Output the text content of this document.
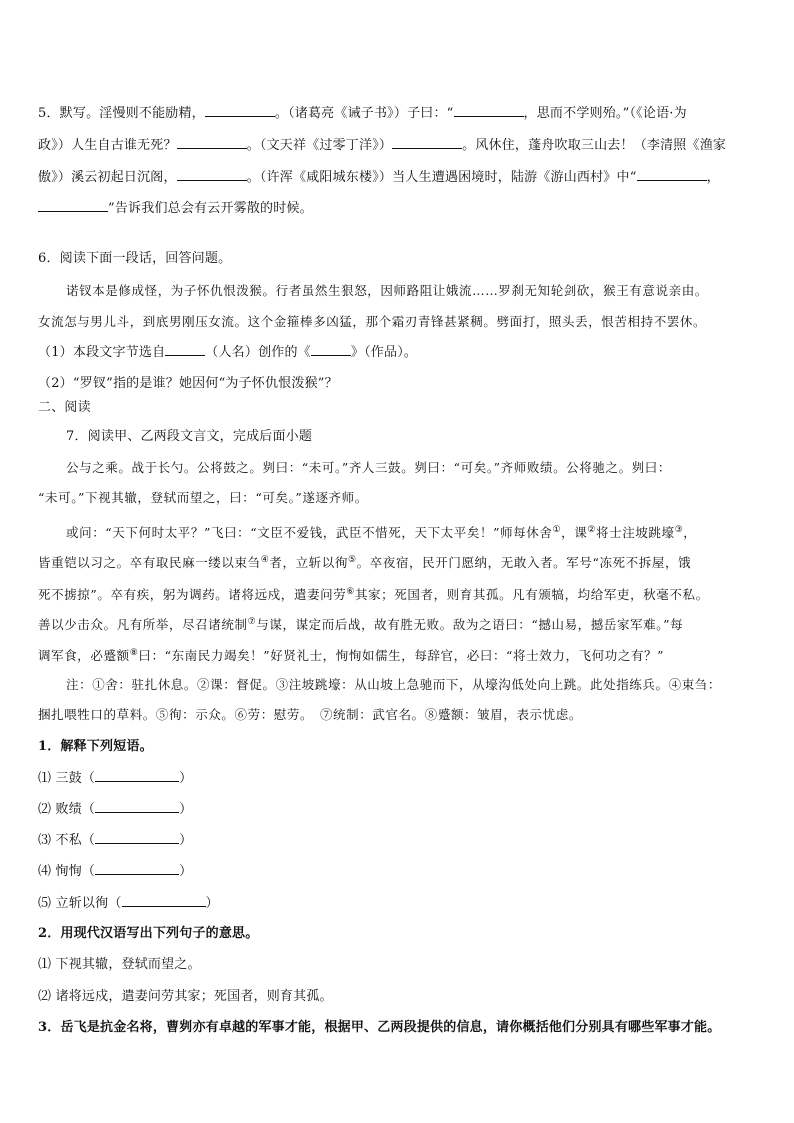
5．默写。淫慢则不能励精，	。（诸葛亮《诫子书》）子曰：“	，思而不学则殆。”（《论语·为
政》）人生自古谁无死？	。（文天祥《过零丁洋》）	。风休住，蓬舟吹取三山去！（李清照《渔家
傲》）溪云初起日沉阁，	。（许浑《咸阳城东楼》）当人生遭遇困境时，陆游《游山西村》中“	，
”告诉我们总会有云开雾散的时候。
6．阅读下面一段话，回答问题。
诺钗本是修成怪，为子怀仇恨泼猴。行者虽然生狠怒，因师路阻让娥流……罗刹无知轮剑砍，猴王有意说亲由。
女流怎与男儿斗，到底男刚压女流。这个金箍棒多凶猛，那个霜刃青锋甚紧稠。劈面打，照头丢，恨苦相持不罢休。
（1）本段文字节选自	（人名）创作的《	》（作品）。
（2）“罗钗”指的是谁？她因何“为子怀仇恨泼猴”？
二、阅读
7．阅读甲、乙两段文言文，完成后面小题
公与之乘。战于长勺。公将鼓之。刿曰：“未可。”齐人三鼓。刿曰：“可矣。”齐师败绩。公将驰之。刿曰：
“未可。”下视其辙，登轼而望之，曰：“可矣。”遂逐齐师。
或问：“天下何时太平？”飞曰：“文臣不爱钱，武臣不惜死，天下太平矣！”师每休舍①，课②将士注坡跳壕③，
皆重铠以习之。卒有取民麻一缕以束刍④者，立斩以徇⑤。卒夜宿，民开门愿纳，无敢入者。军号“冻死不拆屋，饿
死不掳掠”。卒有疾，躬为调药。诸将远戍，遣妻问劳⑥其家；死国者，则育其孤。凡有颁犒，均给军吏，秋毫不私。
善以少击众。凡有所举，尽召诸统制⑦与谋，谋定而后战，故有胜无败。敌为之语曰：“撼山易，撼岳家军难。”每
调军食，必蹙额⑧曰：“东南民力竭矣！”好贤礼士，恂恂如儒生，每辞官，必曰：“将士效力，飞何功之有？”
注：①舍：驻扎休息。②课：督促。③注坡跳壕：从山坡上急驰而下，从壕沟低处向上跳。此处指练兵。④束刍：
捆扎喂牲口的草料。⑤徇：示众。⑥劳：慰劳。　⑦统制：武官名。⑧蹙额：皱眉，表示忧虑。
1．解释下列短语。
⑴ 三鼓（	）
⑵ 败绩（	）
⑶ 不私（	）
⑷ 恂恂（	）
⑸ 立斩以徇（	）
2．用现代汉语写出下列句子的意思。
⑴ 下视其辙，登轼而望之。
⑵ 诸将远戍，遣妻问劳其家；死国者，则育其孤。
3．岳飞是抗金名将，曹刿亦有卓越的军事才能，根据甲、乙两段提供的信息，请你概括他们分别具有哪些军事才能。
